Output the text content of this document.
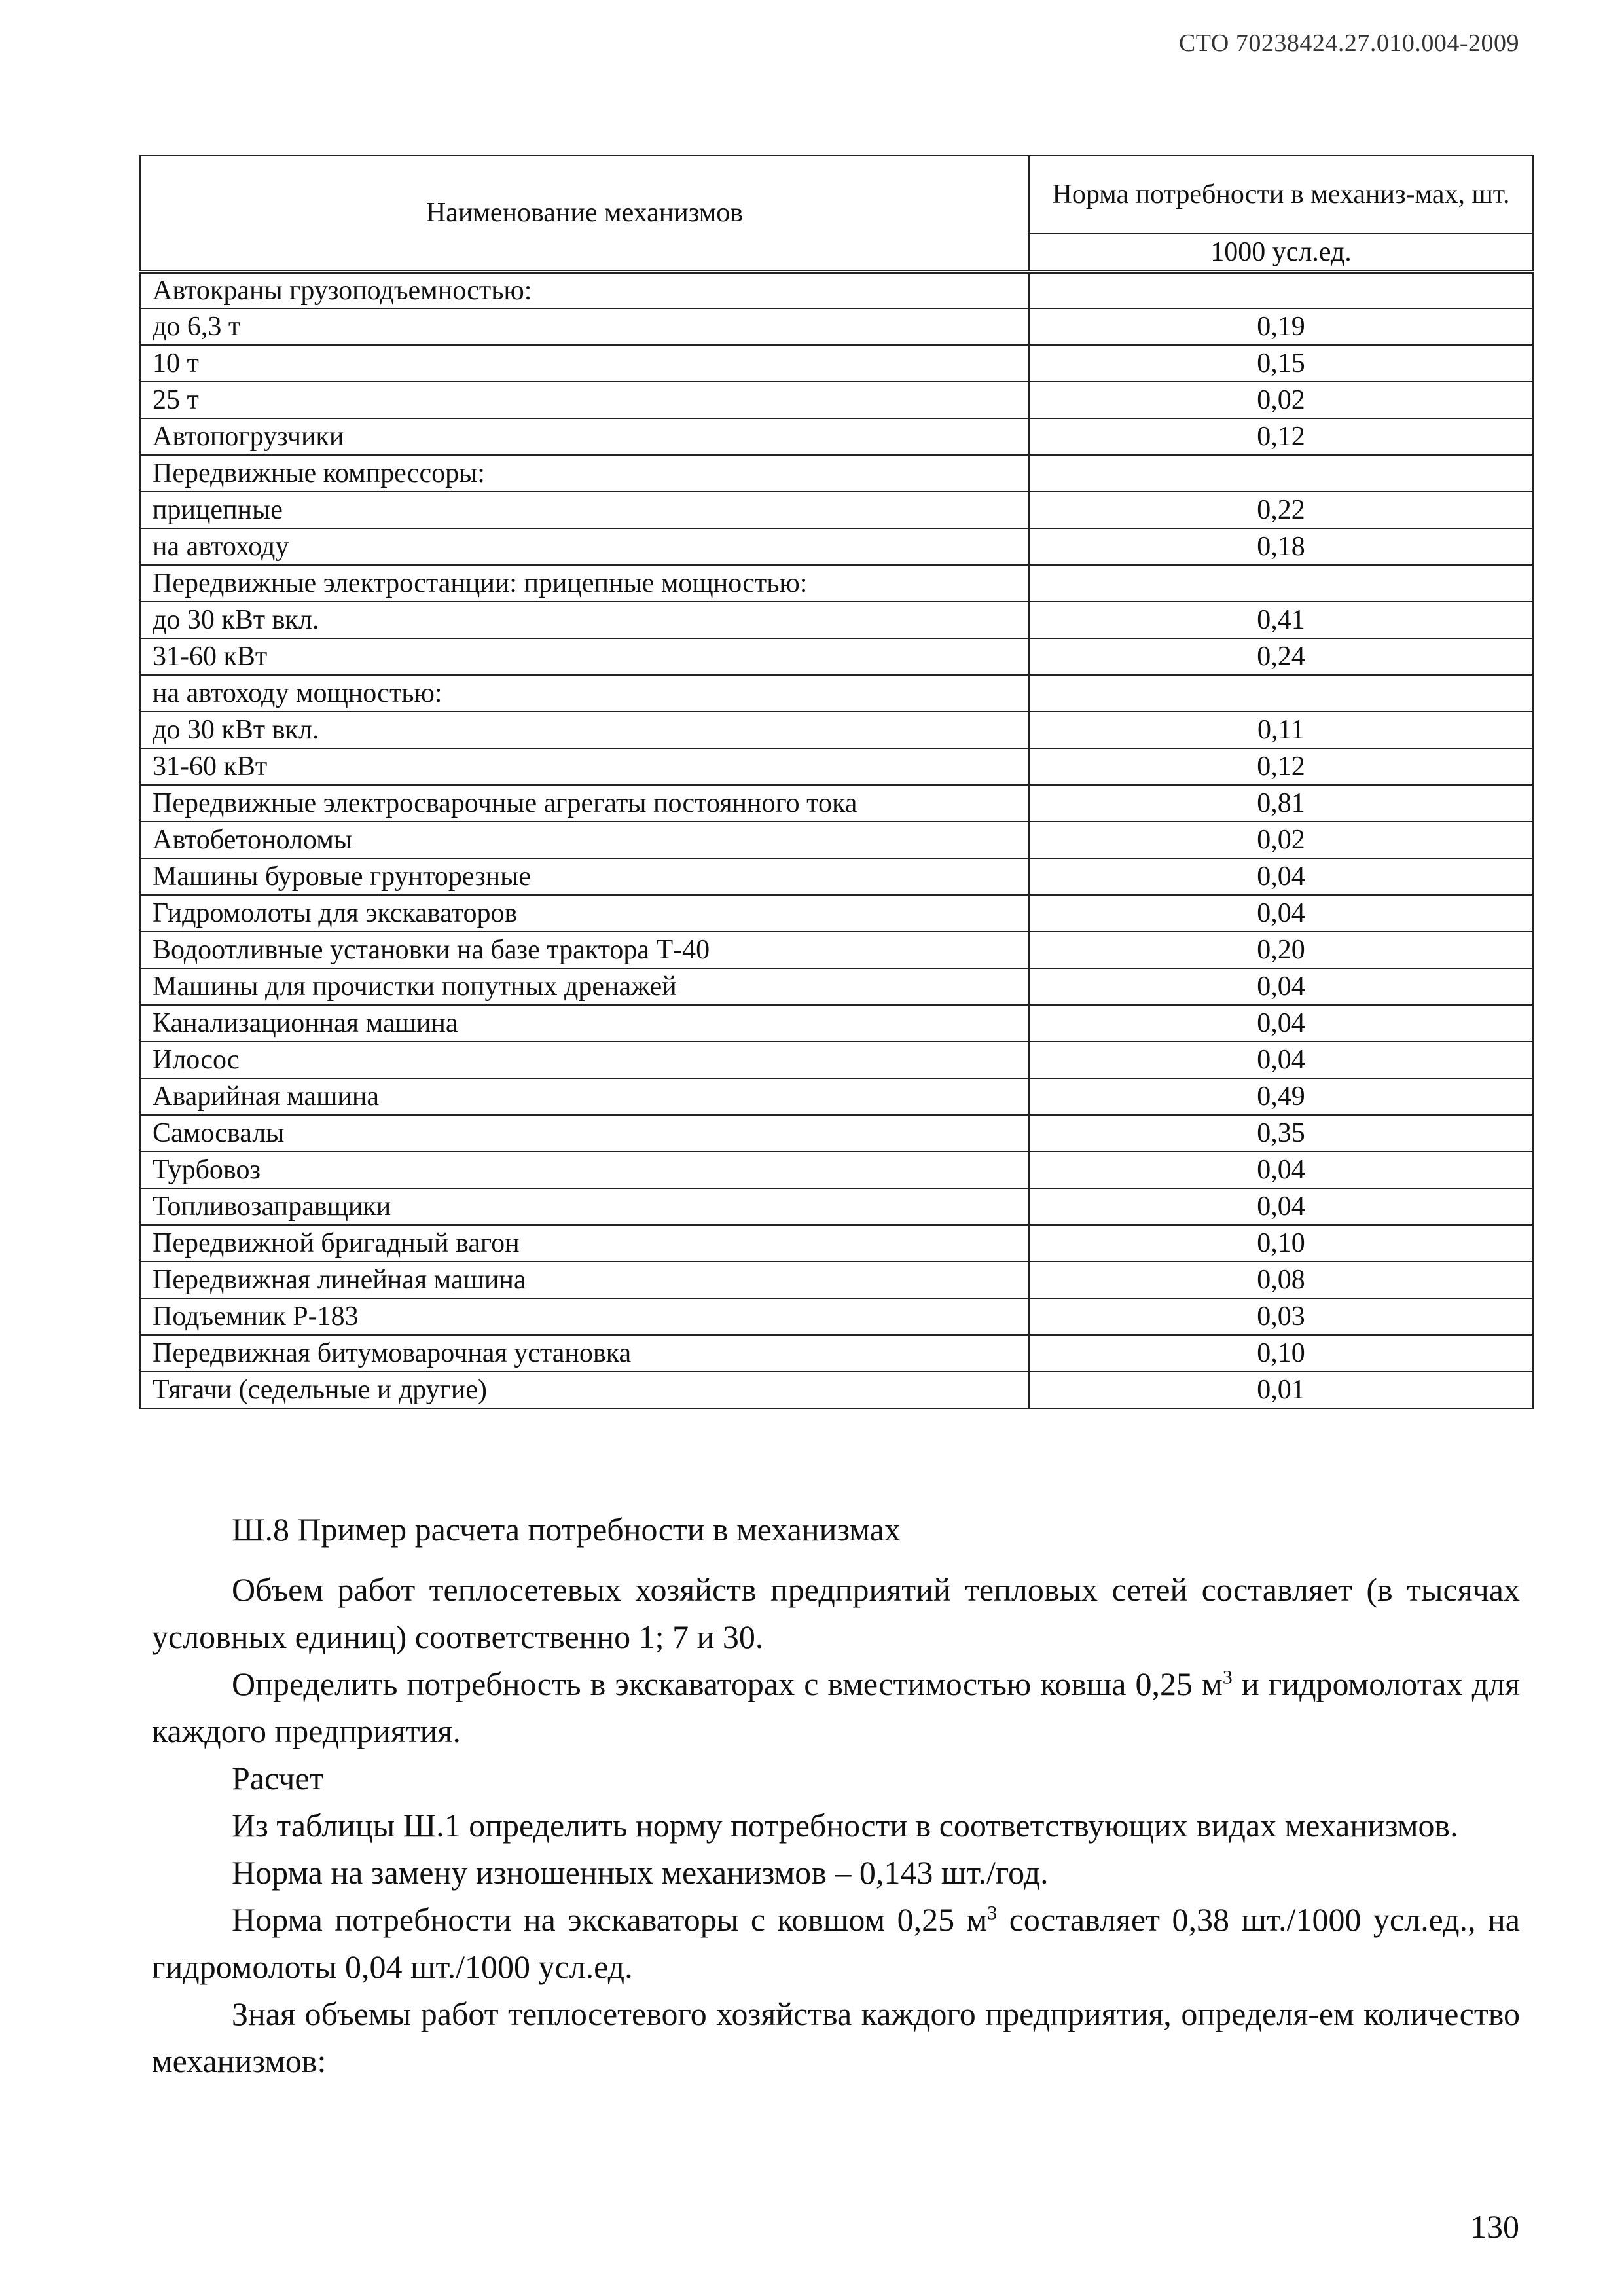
СТО 70238424.27.010.004-2009
Наименование механизмов	Норма потребности в механиз-мах, шт.
	1000 усл.ед.
Автокраны грузоподъемностью:	
до 6,3 т	0,19
10 т	0,15
25 т	0,02
Автопогрузчики	0,12
Передвижные компрессоры:	
прицепные	0,22
на автоходу	0,18
Передвижные электростанции: прицепные мощностью:	
до 30 кВт вкл.	0,41
31-60 кВт	0,24
на автоходу мощностью:	
до 30 кВт вкл.	0,11
31-60 кВт	0,12
Передвижные электросварочные агрегаты постоянного тока	0,81
Автобетоноломы	0,02
Машины буровые грунторезные	0,04
Гидромолоты для экскаваторов	0,04
Водоотливные установки на базе трактора Т-40	0,20
Машины для прочистки попутных дренажей	0,04
Канализационная машина	0,04
Илосос	0,04
Аварийная машина	0,49
Самосвалы	0,35
Турбовоз	0,04
Топливозаправщики	0,04
Передвижной бригадный вагон	0,10
Передвижная линейная машина	0,08
Подъемник Р-183	0,03
Передвижная битумоварочная установка	0,10
Тягачи (седельные и другие)	0,01

Ш.8 Пример расчета потребности в механизмах

Объем работ теплосетевых хозяйств предприятий тепловых сетей составляет (в тысячах условных единиц) соответственно 1; 7 и 30.

Определить потребность в экскаваторах с вместимостью ковша 0,25 $м^3$ и гидромолотах для каждого предприятия.

Расчет

Из таблицы Ш.1 определить норму потребности в соответствующих видах механизмов.

Норма на замену изношенных механизмов – 0,143 шт./год.

Норма потребности на экскаваторы с ковшом 0,25 $м^3$ составляет 0,38 шт./1000 усл.ед., на гидромолоты 0,04 шт./1000 усл.ед.

Зная объемы работ теплосетевого хозяйства каждого предприятия, определя-ем количество механизмов:

130
